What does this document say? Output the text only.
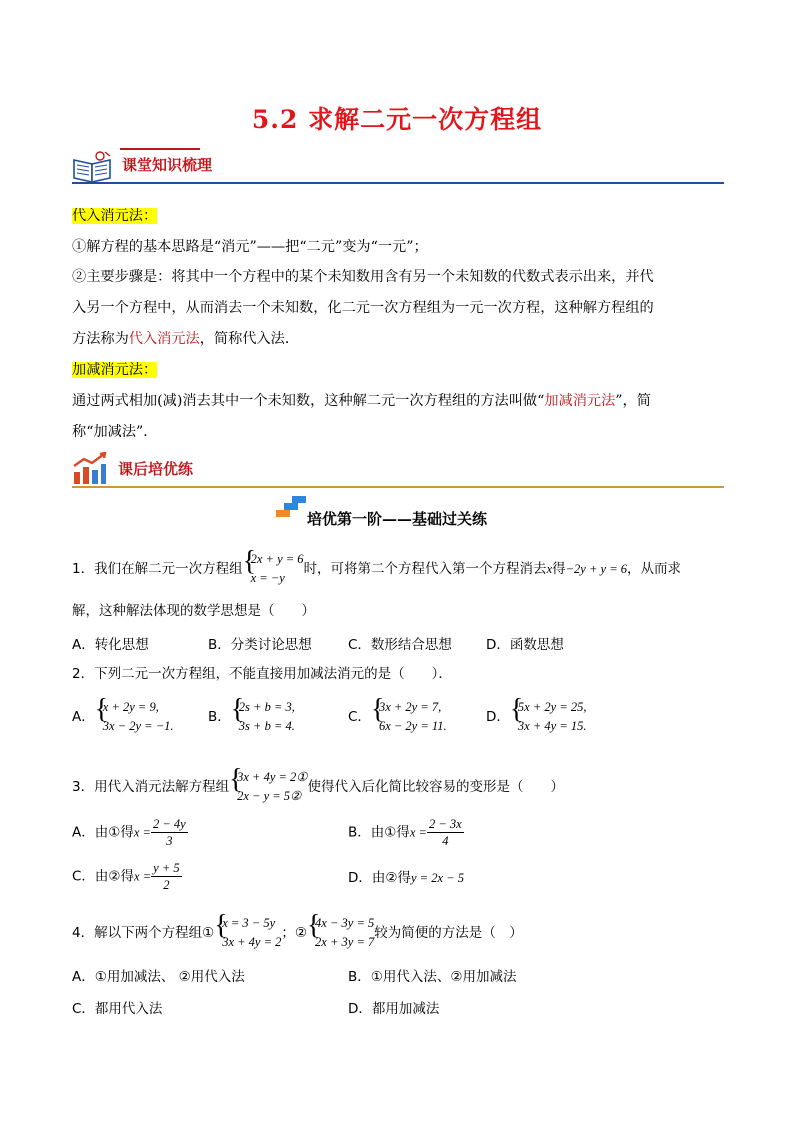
5.2 求解二元一次方程组
课堂知识梳理
代入消元法：
①解方程的基本思路是“消元”——把“二元”变为“一元”；
②主要步骤是：将其中一个方程中的某个未知数用含有另一个未知数的代数式表示出来，并代
入另一个方程中，从而消去一个未知数，化二元一次方程组为一元一次方程，这种解方程组的
方法称为代入消元法，简称代入法．
加减消元法：
通过两式相加(减)消去其中一个未知数，这种解二元一次方程组的方法叫做“加减消元法”，简
称“加减法”．
课后培优练
培优第一阶——基础过关练
1．我们在解二元一次方程组 {
2x + y = 6
x = −y
时，可将第二个方程代入第一个方程消去x得−2y + y = 6，从而求
解，这种解法体现的数学思想是（　　）
A．转化思想	B．分类讨论思想	C．数形结合思想	D．函数思想
2．下列二元一次方程组，不能直接用加减法消元的是（　　）．
A． {
x + 2y = 9,
3x − 2y = −1.
B． {
2s + b = 3,
3s + b = 4.
C． {
3x + 2y = 7,
6x − 2y = 11.
D． {
5x + 2y = 25,
3x + 4y = 15.
3．用代入消元法解方程组 {
3x + 4y = 2①
2x − y = 5②
使得代入后化简比较容易的变形是（　　）
A．由①得$x = \frac{2 - 4y}{3}$	B．由①得$x = \frac{2 - 3x}{4}$
C．由②得$x = \frac{y + 5}{2}$	D．由②得y = 2x − 5
4．解以下两个方程组① {
x = 3 − 5y
3x + 4y = 2
；② {
4x − 3y = 5
2x + 3y = 7
较为简便的方法是（　）
A．①用加减法、 ②用代入法	B．①用代入法、②用加减法
C．都用代入法	D．都用加减法
